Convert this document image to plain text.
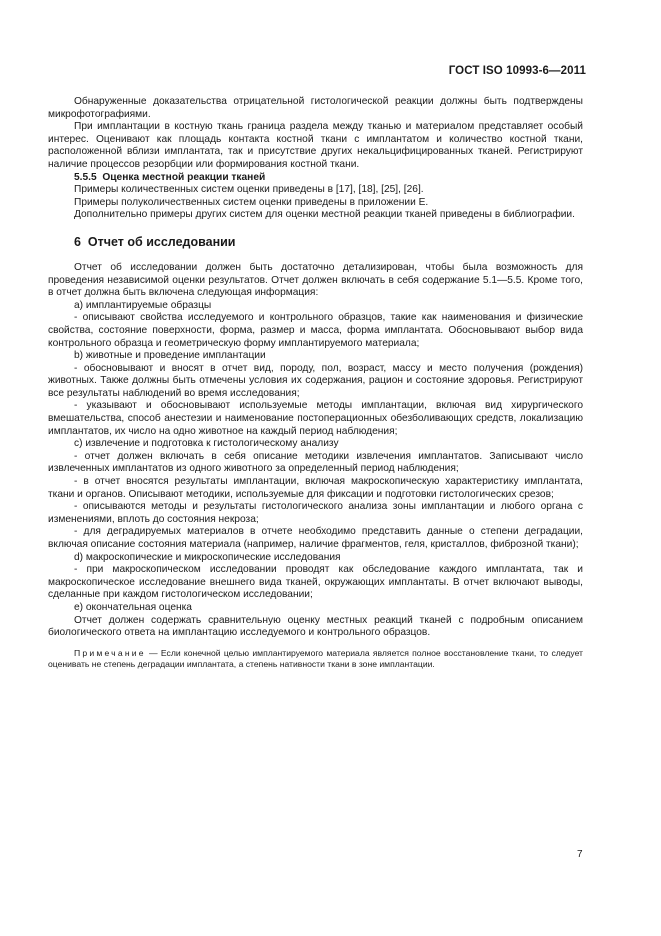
ГОСТ ISO 10993-6—2011

Обнаруженные доказательства отрицательной гистологической реакции должны быть подтверждены микрофотографиями.

При имплантации в костную ткань граница раздела между тканью и материалом представляет особый интерес. Оценивают как площадь контакта костной ткани с имплантатом и количество костной ткани, расположенной вблизи имплантата, так и присутствие других некальцифицированных тканей. Регистрируют наличие процессов резорбции или формирования костной ткани.

5.5.5 Оценка местной реакции тканей

Примеры количественных систем оценки приведены в [17], [18], [25], [26].

Примеры полуколичественных систем оценки приведены в приложении Е.

Дополнительно примеры других систем для оценки местной реакции тканей приведены в библиографии.

6 Отчет об исследовании

Отчет об исследовании должен быть достаточно детализирован, чтобы была возможность для проведения независимой оценки результатов. Отчет должен включать в себя содержание 5.1—5.5. Кроме того, в отчет должна быть включена следующая информация:

а) имплантируемые образцы

- описывают свойства исследуемого и контрольного образцов, такие как наименования и физические свойства, состояние поверхности, форма, размер и масса, форма имплантата. Обосновывают выбор вида контрольного образца и геометрическую форму имплантируемого материала;

b) животные и проведение имплантации

- обосновывают и вносят в отчет вид, породу, пол, возраст, массу и место получения (рождения) животных. Также должны быть отмечены условия их содержания, рацион и состояние здоровья. Регистрируют все результаты наблюдений во время исследования;

- указывают и обосновывают используемые методы имплантации, включая вид хирургического вмешательства, способ анестезии и наименование постоперационных обезболивающих средств, локализацию имплантатов, их число на одно животное на каждый период наблюдения;

с) извлечение и подготовка к гистологическому анализу

- отчет должен включать в себя описание методики извлечения имплантатов. Записывают число извлеченных имплантатов из одного животного за определенный период наблюдения;

- в отчет вносятся результаты имплантации, включая макроскопическую характеристику имплантата, ткани и органов. Описывают методики, используемые для фиксации и подготовки гистологических срезов;

- описываются методы и результаты гистологического анализа зоны имплантации и любого органа с изменениями, вплоть до состояния некроза;

- для деградируемых материалов в отчете необходимо представить данные о степени деградации, включая описание состояния материала (например, наличие фрагментов, геля, кристаллов, фиброзной ткани);

d) макроскопические и микроскопические исследования

- при макроскопическом исследовании проводят как обследование каждого имплантата, так и макроскопическое исследование внешнего вида тканей, окружающих имплантаты. В отчет включают выводы, сделанные при каждом гистологическом исследовании;

е) окончательная оценка

Отчет должен содержать сравнительную оценку местных реакций тканей с подробным описанием биологического ответа на имплантацию исследуемого и контрольного образцов.

Примечание — Если конечной целью имплантируемого материала является полное восстановление ткани, то следует оценивать не степень деградации имплантата, а степень нативности ткани в зоне имплантации.

7
